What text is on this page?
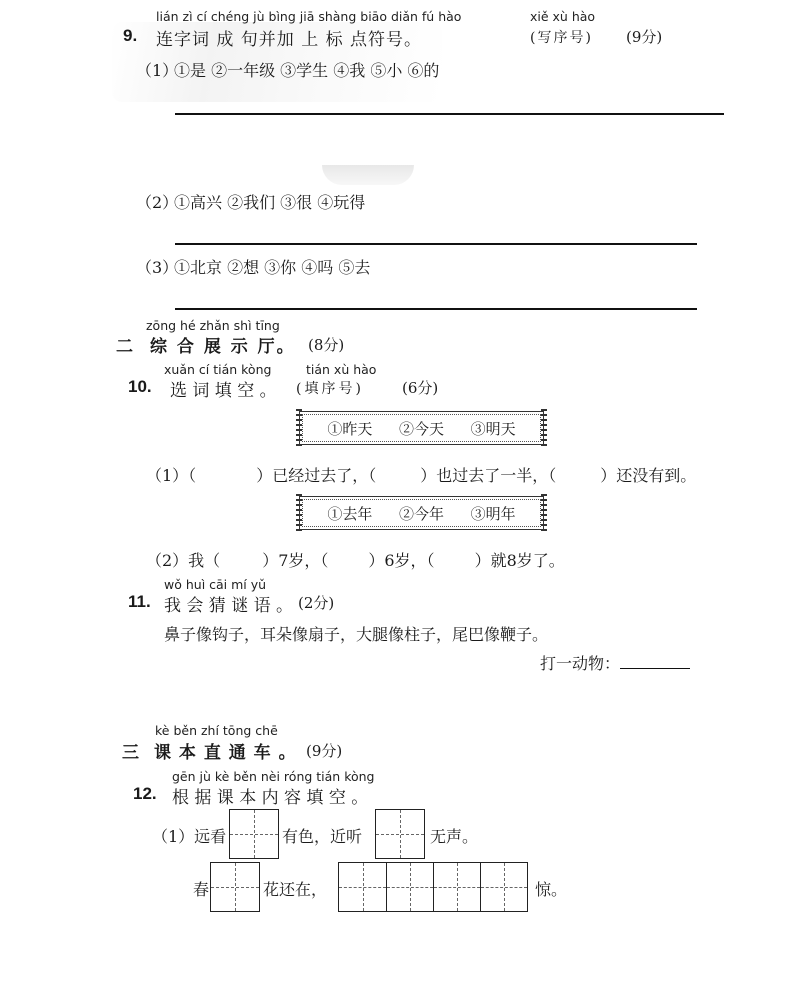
lián zì cí chéng jù bìng jiā shàng biāo diǎn fú hào	xiě xù hào
9. 连字词 成 句并加 上 标 点符号。	(写序号) (9分)
（1）
①是 ②一年级 ③学生 ④我 ⑤小 ⑥的
（2）
①高兴 ②我们 ③很 ④玩得
（3）
①北京 ②想 ③你 ④吗 ⑤去
zōng hé zhǎn shì tīng
二 综 合 展 示 厅。 (8分)
xuǎn cí tián kòng	tián xù hào
10. 选 词 填 空 。 (填序号)	(6分)
①昨天 ②今天 ③明天
（1）（	）已经过去了，（	）也过去了一半，（	）还没有到。
①去年 ②今年 ③明年
（2）我（	）7岁，（	）6岁，（	）就8岁了。
wǒ huì cāi mí yǔ
11. 我 会 猜 谜 语 。 (2分)
鼻子像钩子，耳朵像扇子，大腿像柱子，尾巴像鞭子。
打一动物：
kè běn zhí tōng chē
三 课 本 直 通 车 。 (9分)
gēn jù kè běn nèi róng tián kòng
12. 根 据 课 本 内 容 填 空 。
（1）远看	有色，近听	无声。
春	花还在，	惊。
